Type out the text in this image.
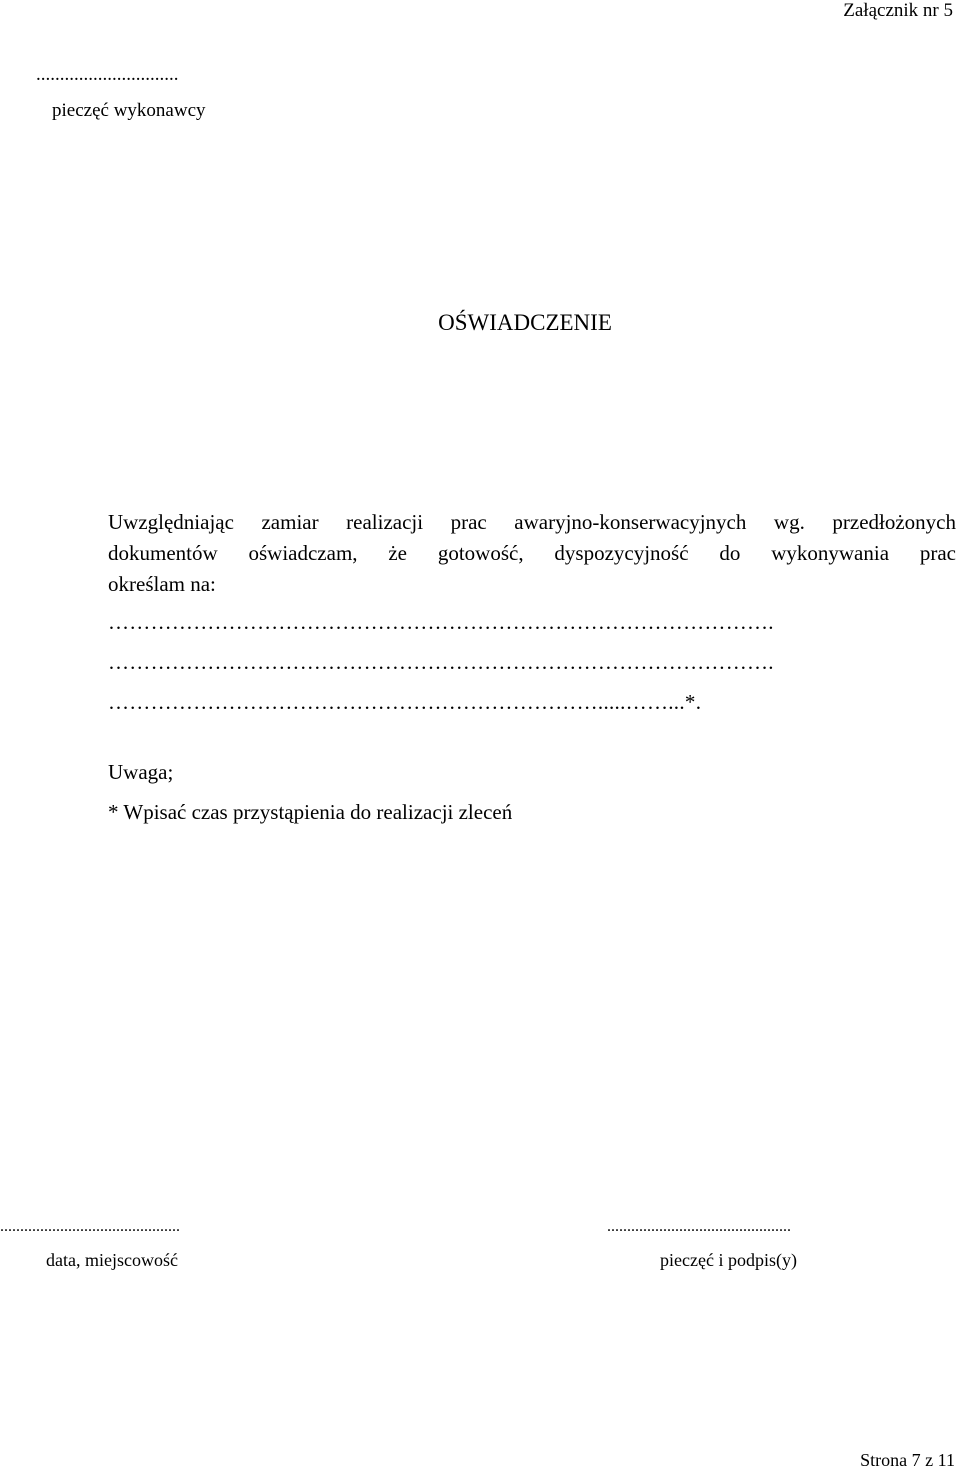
Załącznik nr 5
..............................
pieczęć wykonawcy
OŚWIADCZENIE
Uwzględniając zamiar realizacji prac awaryjno-konserwacyjnych wg. przedłożonych
dokumentów oświadczam, że gotowość, dyspozycyjność do wykonywania prac
określam na:
………………………………………………………………………………….
………………………………………………………………………………….
…………………………………………………………….....……...*.
Uwaga;
* Wpisać czas przystąpienia do realizacji zleceń
.............................................	..............................................
data, miejscowość	pieczęć i podpis(y)
Strona 7 z 11
